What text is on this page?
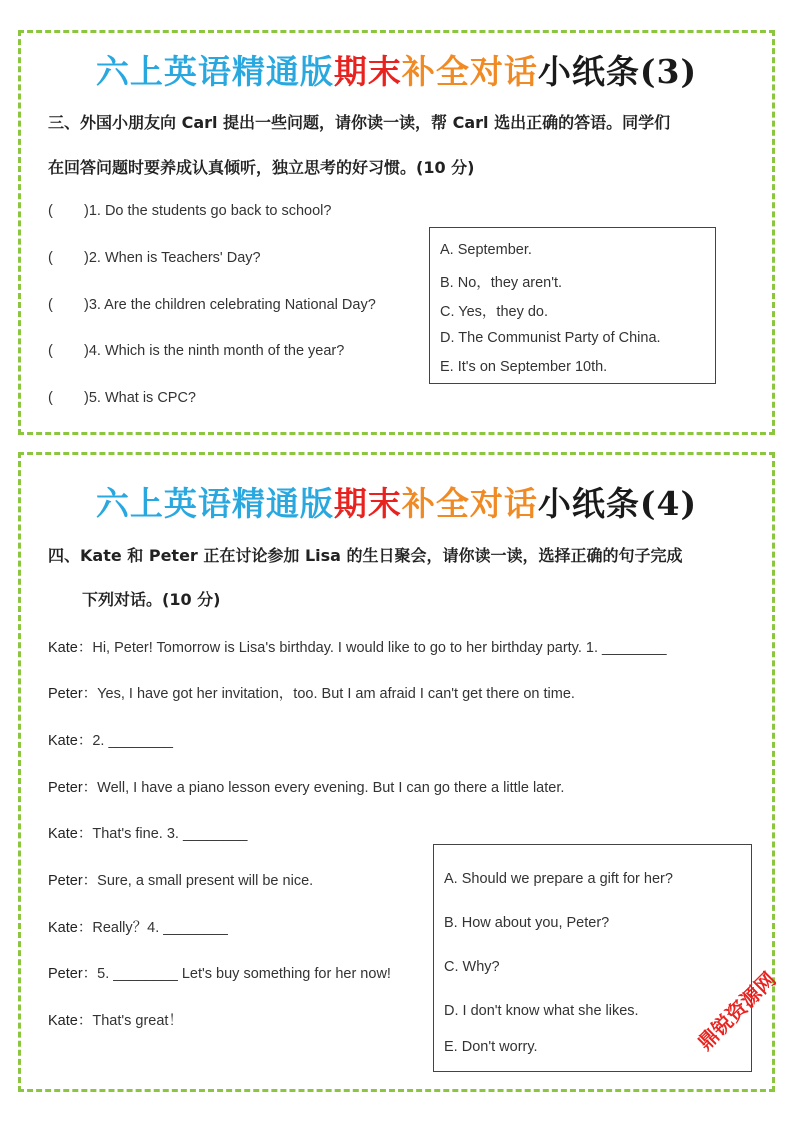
六上英语精通版期末补全对话小纸条(3)
三、外国小朋友向 Carl 提出一些问题，请你读一读，帮 Carl 选出正确的答语。同学们
在回答问题时要养成认真倾听，独立思考的好习惯。(10 分)
( )1. Do the students go back to school?
( )2. When is Teachers' Day?
( )3. Are the children celebrating National Day?
( )4. Which is the ninth month of the year?
( )5. What is CPC?
A. September.
B. No，they aren't.
C. Yes，they do.
D. The Communist Party of China.
E. It's on September 10th.
六上英语精通版期末补全对话小纸条(4)
四、Kate 和 Peter 正在讨论参加 Lisa 的生日聚会，请你读一读，选择正确的句子完成
下列对话。(10 分)
Kate：Hi, Peter! Tomorrow is Lisa's birthday. I would like to go to her birthday party. 1. ________
Peter：Yes, I have got her invitation，too. But I am afraid I can't get there on time.
Kate：2. ________
Peter：Well, I have a piano lesson every evening. But I can go there a little later.
Kate：That's fine. 3. ________
Peter：Sure, a small present will be nice.
Kate：Really？4. ________
Peter：5. ________ Let's buy something for her now!
Kate：That's great！
A. Should we prepare a gift for her?
B. How about you, Peter?
C. Why?
D. I don't know what she likes.
E. Don't worry.	鼎锐资源网
